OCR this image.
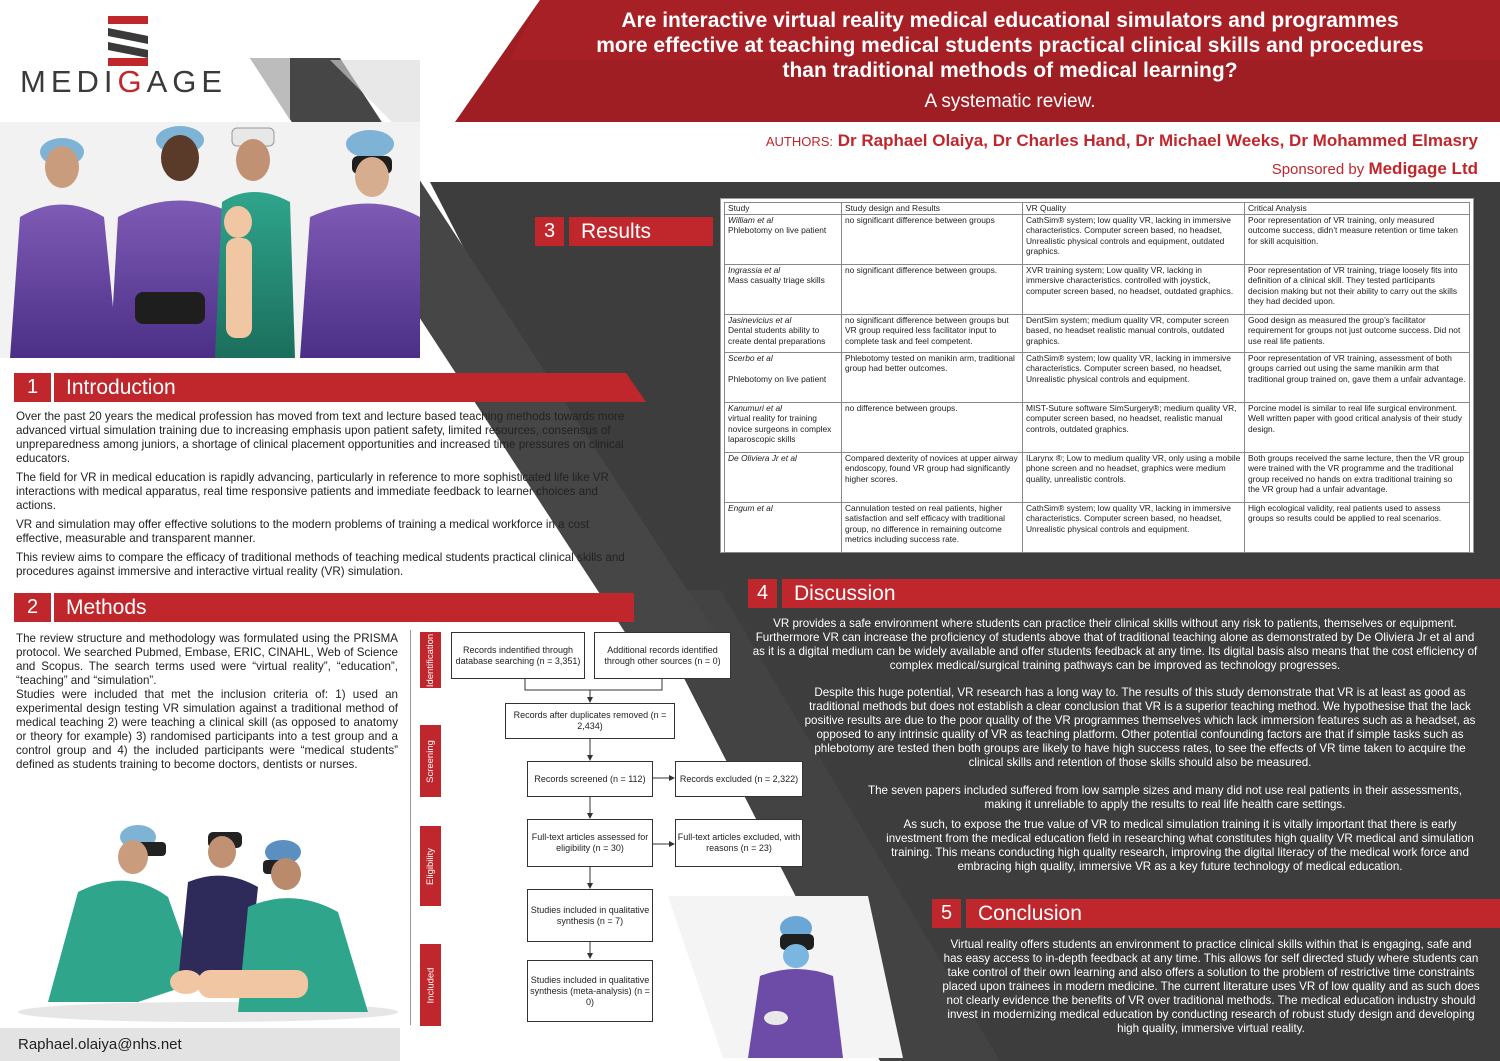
MEDIGAGE
Are interactive virtual reality medical educational simulators and programmes
more effective at teaching medical students practical clinical skills and procedures
than traditional methods of medical learning?
A systematic review.
AUTHORS: Dr Raphael Olaiya, Dr Charles Hand, Dr Michael Weeks, Dr Mohammed Elmasry
Sponsored by Medigage Ltd
1	Introduction

Over the past 20 years the medical profession has moved from text and lecture based teaching methods towards more advanced virtual simulation training due to increasing emphasis upon patient safety, limited resources, consensus of unpreparedness among juniors, a shortage of clinical placement opportunities and increased time pressures on clinical educators.

The field for VR in medical education is rapidly advancing, particularly in reference to more sophisticated life like VR interactions with medical apparatus, real time responsive patients and immediate feedback to learner choices and actions.

VR and simulation may offer effective solutions to the modern problems of training a medical workforce in a cost effective, measurable and transparent manner.

This review aims to compare the efficacy of traditional methods of teaching medical students practical clinical skills and procedures against immersive and interactive virtual reality (VR) simulation.

2	Methods

The review structure and methodology was formulated using the PRISMA protocol. We searched Pubmed, Embase, ERIC, CINAHL, Web of Science and Scopus. The search terms used were “virtual reality”, “education”, “teaching” and “simulation”.

Studies were included that met the inclusion criteria of: 1) used an experimental design testing VR simulation against a traditional method of medical teaching 2) were teaching a clinical skill (as opposed to anatomy or theory for example) 3) randomised participants into a test group and a control group and 4) the included participants were “medical students” defined as students training to become doctors, dentists or nurses.

Identification
Screening
Eligibility
Included
Records indentified through database searching (n = 3,351)
Additional records identified through other sources (n = 0)
Records after duplicates removed (n = 2,434)
Records screened (n = 112)	Records excluded (n = 2,322)
Full-text articles assessed for eligibility (n = 30)
Full-text articles excluded, with reasons (n = 23)
Studies included in qualitative synthesis (n = 7)
Studies included in qualitative synthesis (meta-analysis) (n = 0)
Raphael.olaiya@nhs.net
3	Results
Study	Study design and Results	VR Quality	Critical Analysis
William et al
Phlebotomy on live patient	no significant difference between groups	CathSim® system; low quality VR, lacking in immersive characteristics. Computer screen based, no headset, Unrealistic physical controls and equipment, outdated graphics.	Poor representation of VR training, only measured outcome success, didn’t measure retention or time taken for skill acquisition.
Ingrassia et al
Mass casualty triage skills	no significant difference between groups.	XVR training system; Low quality VR, lacking in immersive characteristics. controlled with joystick, computer screen based, no headset, outdated graphics.	Poor representation of VR training, triage loosely fits into definition of a clinical skill. They tested participants decision making but not their ability to carry out the skills they had decided upon.
Jasinevicius et al
Dental students ability to create dental preparations	no significant difference between groups but VR group required less facilitator input to complete task and feel competent.	DentSim system; medium quality VR, computer screen based, no headset realistic manual controls, outdated graphics.	Good design as measured the group’s facilitator requirement for groups not just outcome success. Did not use real life patients.
Scerbo et al

Phlebotomy on live patient	Phlebotomy tested on manikin arm, traditional group had better outcomes.	CathSim® system; low quality VR, lacking in immersive characteristics. Computer screen based, no headset, Unrealistic physical controls and equipment.	Poor representation of VR training, assessment of both groups carried out using the same manikin arm that traditional group trained on, gave them a unfair advantage.
Kanumuri et al
virtual reality for training novice surgeons in complex laparoscopic skills	no difference between groups.	MIST-Suture software SimSurgery®; medium quality VR, computer screen based, no headset, realistic manual controls, outdated graphics.	Porcine model is similar to real life surgical environment. Well written paper with good critical analysis of their study design.
De Oliviera Jr et al	Compared dexterity of novices at upper airway endoscopy, found VR group had significantly higher scores.	ILarynx ®; Low to medium quality VR, only using a mobile phone screen and no headset, graphics were medium quality, unrealistic controls.	Both groups received the same lecture, then the VR group were trained with the VR programme and the traditional group received no hands on extra traditional training so the VR group had a unfair advantage.
Engum et al	Cannulation tested on real patients, higher satisfaction and self efficacy with traditional group, no difference in remaining outcome metrics including success rate.	CathSim® system; low quality VR, lacking in immersive characteristics. Computer screen based, no headset, Unrealistic physical controls and equipment.	High ecological validity, real patients used to assess groups so results could be applied to real scenarios.
4	Discussion

VR provides a safe environment where students can practice their clinical skills without any risk to patients, themselves or equipment. Furthermore VR can increase the proficiency of students above that of traditional teaching alone as demonstrated by De Oliviera Jr et al and as it is a digital medium can be widely available and offer students feedback at any time. Its digital basis also means that the cost efficiency of complex medical/surgical training pathways can be improved as technology progresses.

Despite this huge potential, VR research has a long way to. The results of this study demonstrate that VR is at least as good as traditional methods but does not establish a clear conclusion that VR is a superior teaching method. We hypothesise that the lack positive results are due to the poor quality of the VR programmes themselves which lack immersion features such as a headset, as opposed to any intrinsic quality of VR as teaching platform. Other potential confounding factors are that if simple tasks such as phlebotomy are tested then both groups are likely to have high success rates, to see the effects of VR time taken to acquire the clinical skills and retention of those skills should also be measured.

The seven papers included suffered from low sample sizes and many did not use real patients in their assessments, making it unreliable to apply the results to real life health care settings.

As such, to expose the true value of VR to medical simulation training it is vitally important that there is early investment from the medical education field in researching what constitutes high quality VR medical and simulation training. This means conducting high quality research, improving the digital literacy of the medical work force and embracing high quality, immersive VR as a key future technology of medical education.

5	Conclusion

Virtual reality offers students an environment to practice clinical skills within that is engaging, safe and has easy access to in-depth feedback at any time. This allows for self directed study where students can take control of their own learning and also offers a solution to the problem of restrictive time constraints placed upon trainees in modern medicine. The current literature uses VR of low quality and as such does not clearly evidence the benefits of VR over traditional methods. The medical education industry should invest in modernizing medical education by conducting research of robust study design and developing high quality, immersive virtual reality.
